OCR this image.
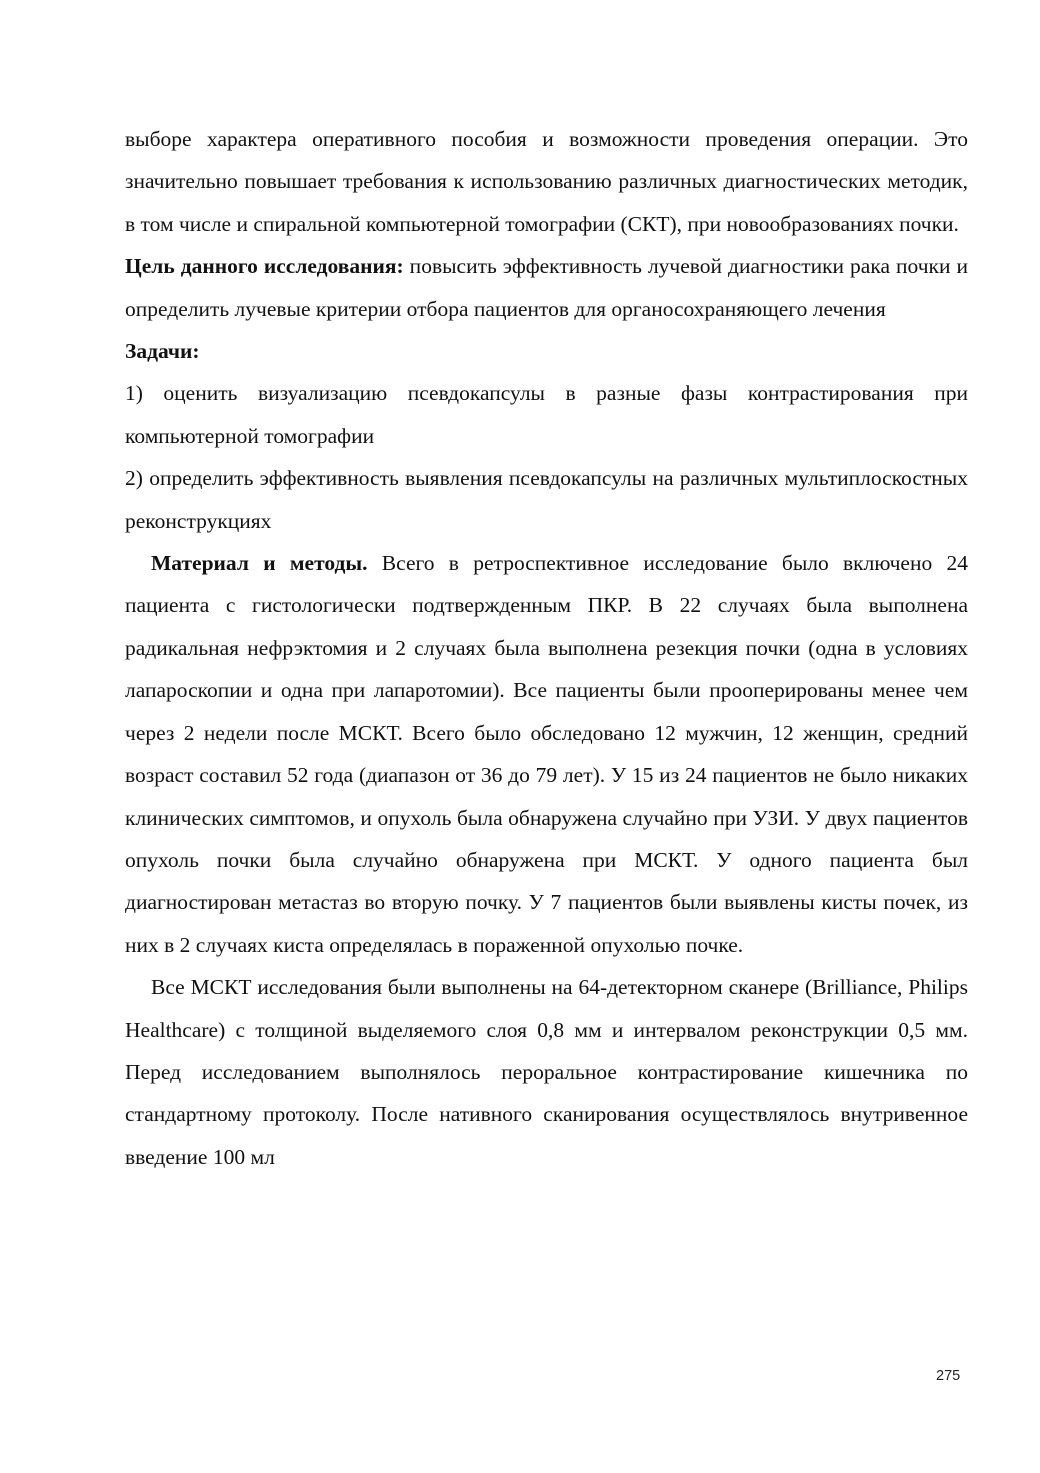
выборе характера оперативного пособия и возможности проведения операции. Это значительно повышает требования к использованию различных диагностических методик, в том числе и спиральной компьютерной томографии (СКТ), при новообразованиях почки.

Цель данного исследования: повысить эффективность лучевой диагностики рака почки и определить лучевые критерии отбора пациентов для органосохраняющего лечения

Задачи:

1) оценить визуализацию псевдокапсулы в разные фазы контрастирования при компьютерной томографии

2) определить эффективность выявления псевдокапсулы на различных мультиплоскостных реконструкциях

Материал и методы. Всего в ретроспективное исследование было включено 24 пациента с гистологически подтвержденным ПКР. В 22 случаях была выполнена радикальная нефрэктомия и 2 случаях была выполнена резекция почки (одна в условиях лапароскопии и одна при лапаротомии). Все пациенты были прооперированы менее чем через 2 недели после МСКТ. Всего было обследовано 12 мужчин, 12 женщин, средний возраст составил 52 года (диапазон от 36 до 79 лет). У 15 из 24 пациентов не было никаких клинических симптомов, и опухоль была обнаружена случайно при УЗИ. У двух пациентов опухоль почки была случайно обнаружена при МСКТ. У одного пациента был диагностирован метастаз во вторую почку. У 7 пациентов были выявлены кисты почек, из них в 2 случаях киста определялась в пораженной опухолью почке.

Все МСКТ исследования были выполнены на 64-детекторном сканере (Brilliance, Philips Healthcare) с толщиной выделяемого слоя 0,8 мм и интервалом реконструкции 0,5 мм. Перед исследованием выполнялось пероральное контрастирование кишечника по стандартному протоколу. После нативного сканирования осуществлялось внутривенное введение 100 мл

275
